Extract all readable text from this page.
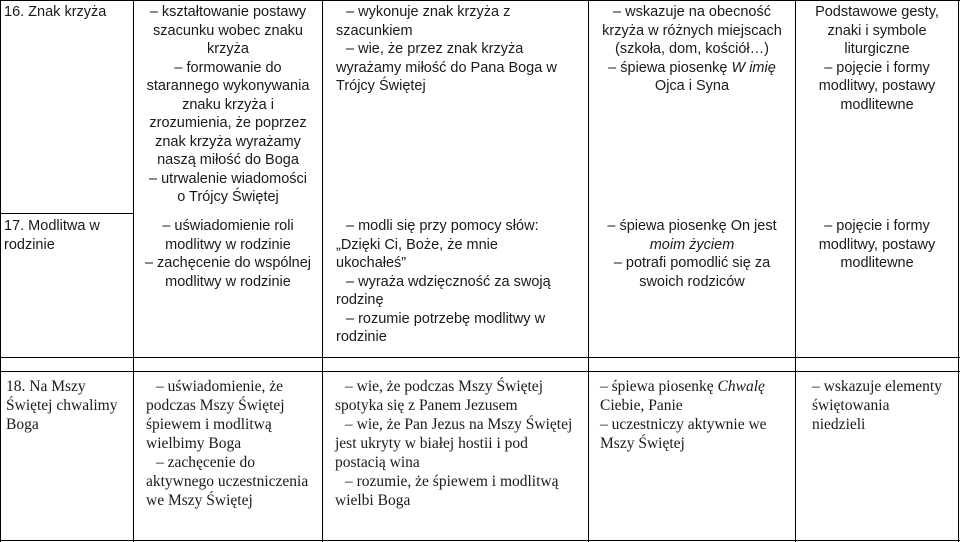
16. Znak krzyża
17. Modlitwa w
rodzinie
– kształtowanie postawy
szacunku wobec znaku
krzyża
– formowanie do
starannego wykonywania
znaku krzyża i
zrozumienia, że poprzez
znak krzyża wyrażamy
naszą miłość do Boga
– utrwalenie wiadomości
o Trójcy Świętej
– uświadomienie roli
modlitwy w rodzinie
– zachęcenie do wspólnej
modlitwy w rodzinie
– wykonuje znak krzyża z
szacunkiem
– wie, że przez znak krzyża
wyrażamy miłość do Pana Boga w
Trójcy Świętej
– modli się przy pomocy słów:
„Dzięki Ci, Boże, że mnie
ukochałeś”
– wyraża wdzięczność za swoją
rodzinę
– rozumie potrzebę modlitwy w
rodzinie
– wskazuje na obecność
krzyża w różnych miejscach
(szkoła, dom, kościół…)
– śpiewa piosenkę W imię
Ojca i Syna
– śpiewa piosenkę On jest
moim życiem
– potrafi pomodlić się za
swoich rodziców
Podstawowe gesty,
znaki i symbole
liturgiczne
– pojęcie i formy
modlitwy, postawy
modlitewne
– pojęcie i formy
modlitwy, postawy
modlitewne
18. Na Mszy
Świętej chwalimy
Boga
– uświadomienie, że
podczas Mszy Świętej
śpiewem i modlitwą
wielbimy Boga
– zachęcenie do
aktywnego uczestniczenia
we Mszy Świętej
– wie, że podczas Mszy Świętej
spotyka się z Panem Jezusem
– wie, że Pan Jezus na Mszy Świętej
jest ukryty w białej hostii i pod
postacią wina
– rozumie, że śpiewem i modlitwą
wielbi Boga
– śpiewa piosenkę Chwalę
Ciebie, Panie
– uczestniczy aktywnie we
Mszy Świętej
– wskazuje elementy
świętowania
niedzieli
